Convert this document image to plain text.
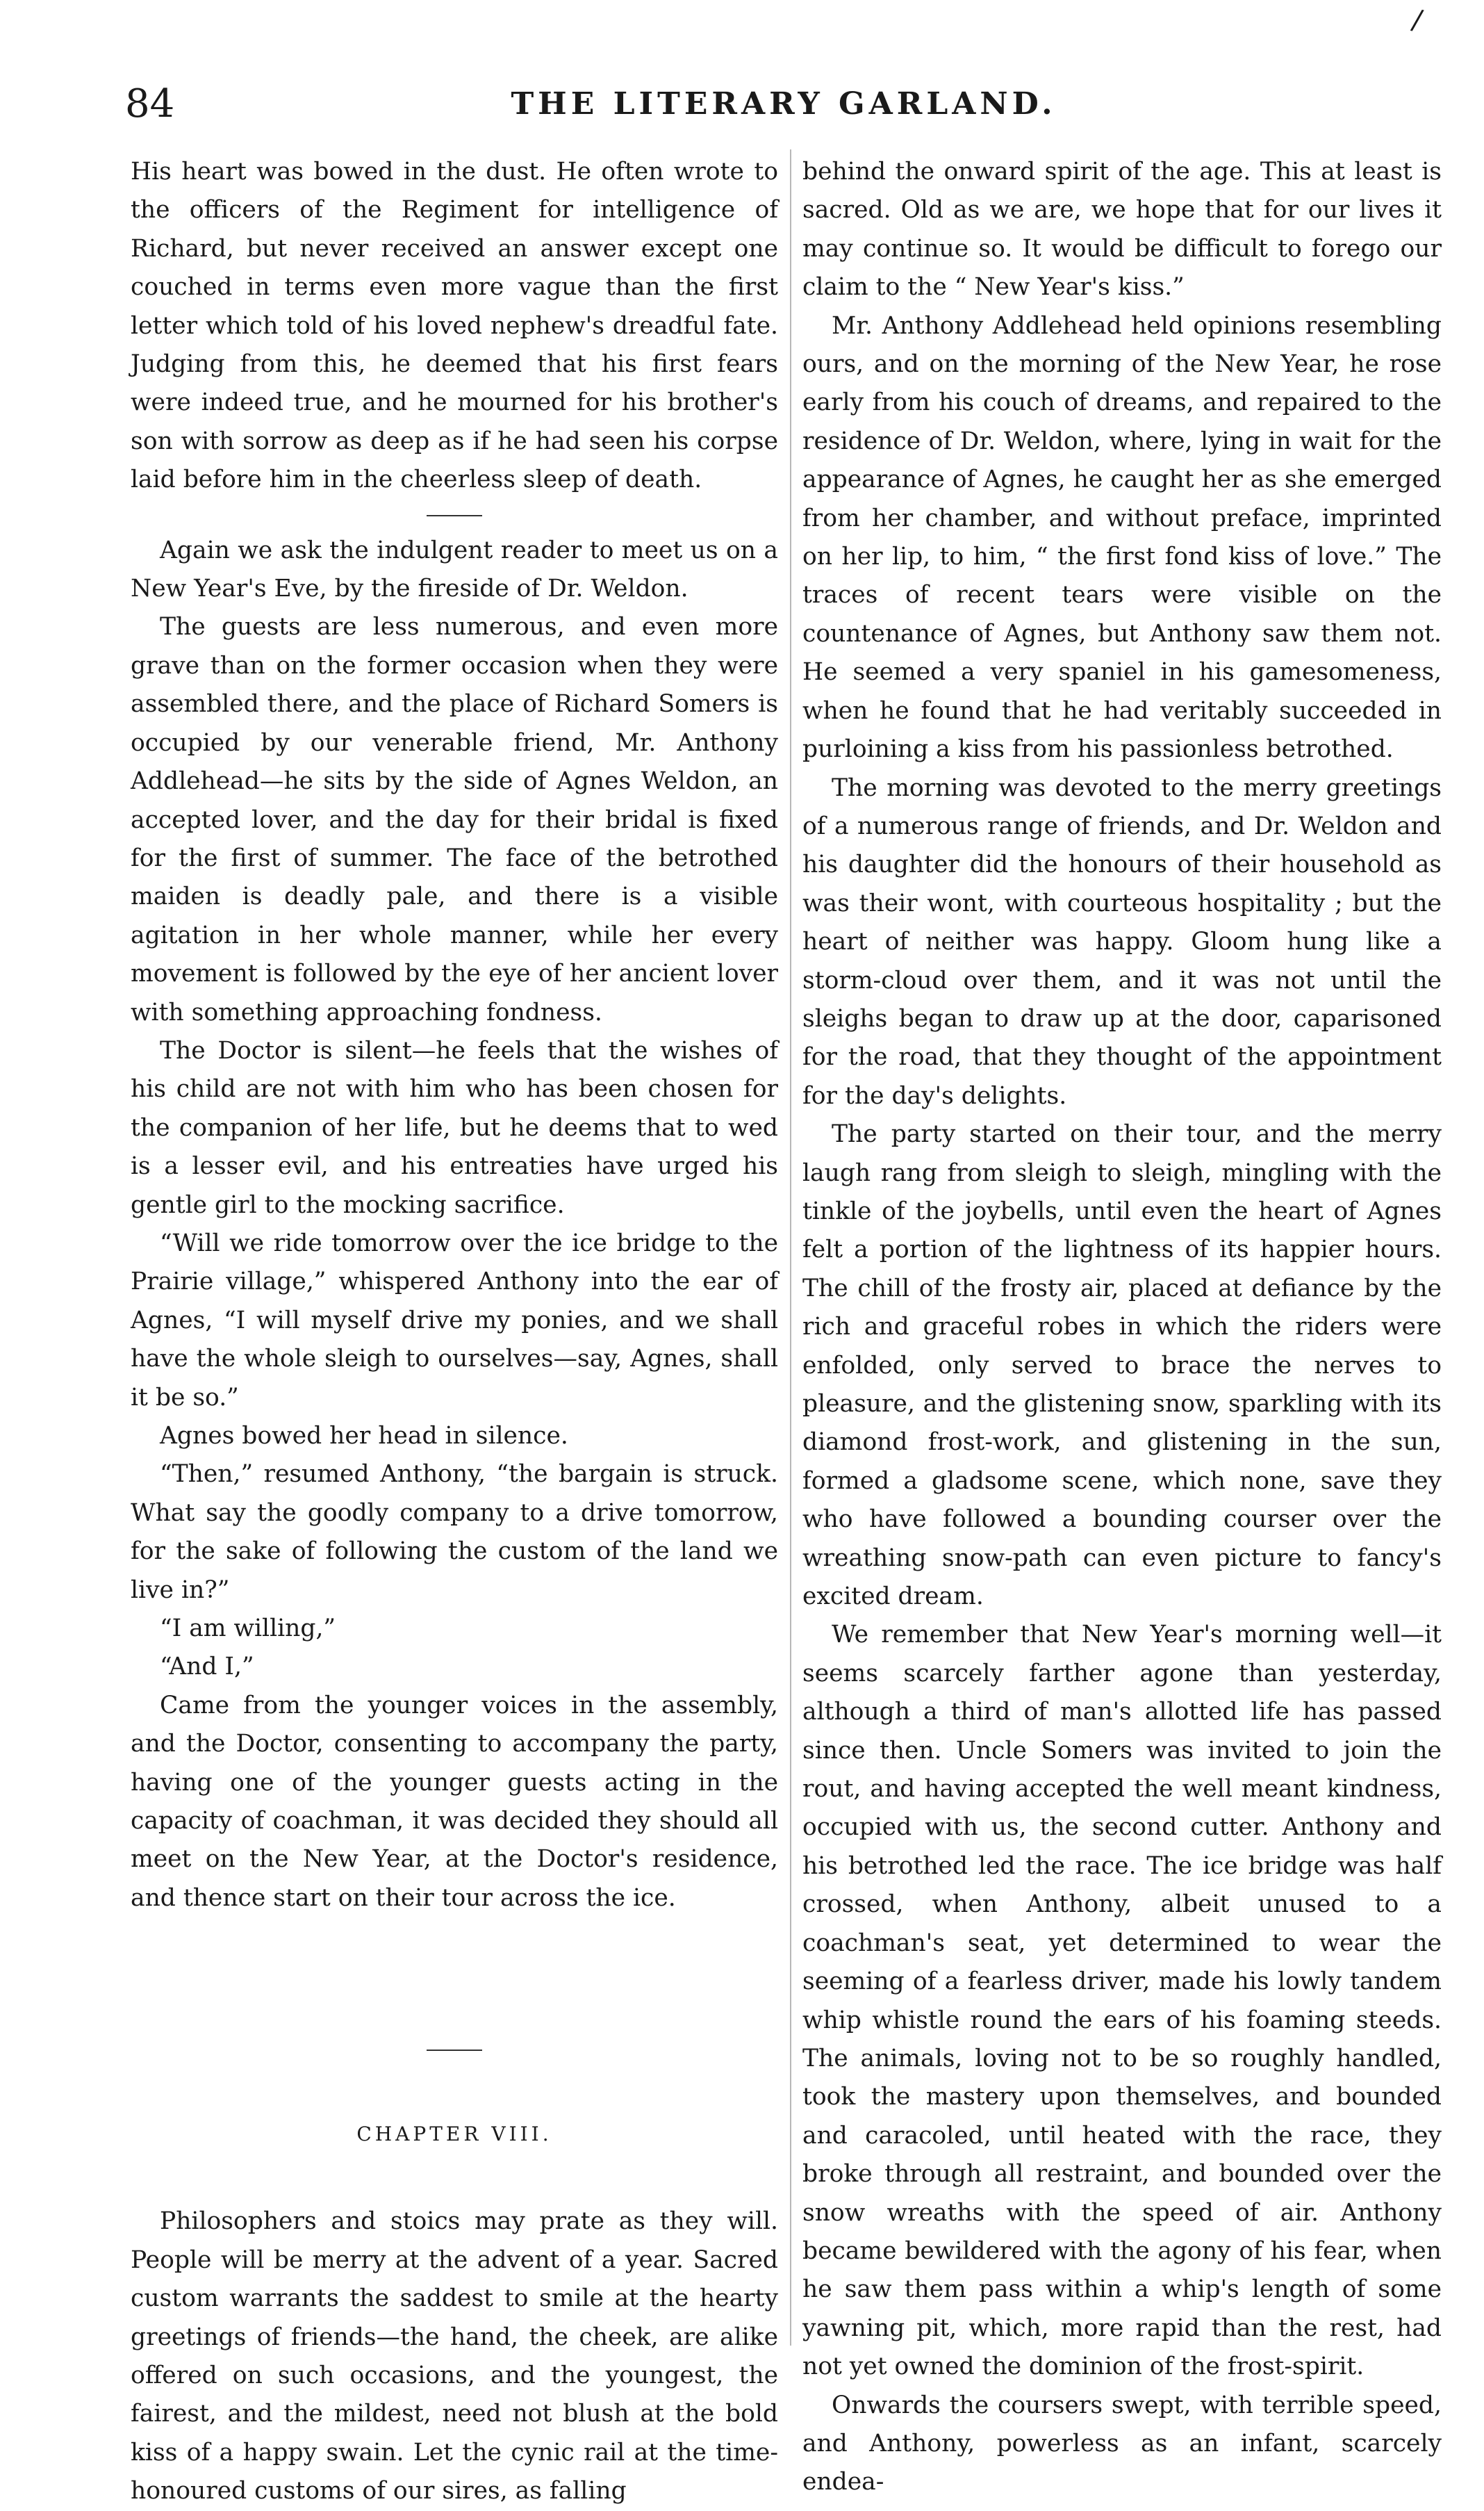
/
84	THE LITERARY GARLAND.

His heart was bowed in the dust. He often wrote to the officers of the Regiment for intelligence of Richard, but never received an answer except one couched in terms even more vague than the first letter which told of his loved nephew's dreadful fate. Judging from this, he deemed that his first fears were indeed true, and he mourned for his brother's son with sorrow as deep as if he had seen his corpse laid before him in the cheerless sleep of death.

Again we ask the indulgent reader to meet us on a New Year's Eve, by the fireside of Dr. Weldon.

The guests are less numerous, and even more grave than on the former occasion when they were assembled there, and the place of Richard Somers is occupied by our venerable friend, Mr. Anthony Addlehead—he sits by the side of Agnes Weldon, an accepted lover, and the day for their bridal is fixed for the first of summer. The face of the betrothed maiden is deadly pale, and there is a visible agitation in her whole manner, while her every movement is followed by the eye of her ancient lover with something approaching fondness.

The Doctor is silent—he feels that the wishes of his child are not with him who has been chosen for the companion of her life, but he deems that to wed is a lesser evil, and his entreaties have urged his gentle girl to the mocking sacrifice.

“Will we ride tomorrow over the ice bridge to the Prairie village,” whispered Anthony into the ear of Agnes, “I will myself drive my ponies, and we shall have the whole sleigh to ourselves—say, Agnes, shall it be so.”

Agnes bowed her head in silence.

“Then,” resumed Anthony, “the bargain is struck. What say the goodly company to a drive tomorrow, for the sake of following the custom of the land we live in?”

“I am willing,”

“And I,”

Came from the younger voices in the assembly, and the Doctor, consenting to accompany the party, having one of the younger guests acting in the capacity of coachman, it was decided they should all meet on the New Year, at the Doctor's residence, and thence start on their tour across the ice.

CHAPTER VIII.

Philosophers and stoics may prate as they will. People will be merry at the advent of a year. Sacred custom warrants the saddest to smile at the hearty greetings of friends—the hand, the cheek, are alike offered on such occasions, and the youngest, the fairest, and the mildest, need not blush at the bold kiss of a happy swain. Let the cynic rail at the time-honoured customs of our sires, as falling

behind the onward spirit of the age. This at least is sacred. Old as we are, we hope that for our lives it may continue so. It would be difficult to forego our claim to the “ New Year's kiss.”

Mr. Anthony Addlehead held opinions resembling ours, and on the morning of the New Year, he rose early from his couch of dreams, and repaired to the residence of Dr. Weldon, where, lying in wait for the appearance of Agnes, he caught her as she emerged from her chamber, and without preface, imprinted on her lip, to him, “ the first fond kiss of love.” The traces of recent tears were visible on the countenance of Agnes, but Anthony saw them not. He seemed a very spaniel in his gamesomeness, when he found that he had veritably succeeded in purloining a kiss from his passionless betrothed.

The morning was devoted to the merry greetings of a numerous range of friends, and Dr. Weldon and his daughter did the honours of their household as was their wont, with courteous hospitality ; but the heart of neither was happy. Gloom hung like a storm-cloud over them, and it was not until the sleighs began to draw up at the door, caparisoned for the road, that they thought of the appointment for the day's delights.

The party started on their tour, and the merry laugh rang from sleigh to sleigh, mingling with the tinkle of the joybells, until even the heart of Agnes felt a portion of the lightness of its happier hours. The chill of the frosty air, placed at defiance by the rich and graceful robes in which the riders were enfolded, only served to brace the nerves to pleasure, and the glistening snow, sparkling with its diamond frost-work, and glistening in the sun, formed a gladsome scene, which none, save they who have followed a bounding courser over the wreathing snow-path can even picture to fancy's excited dream.

We remember that New Year's morning well—it seems scarcely farther agone than yesterday, although a third of man's allotted life has passed since then. Uncle Somers was invited to join the rout, and having accepted the well meant kindness, occupied with us, the second cutter. Anthony and his betrothed led the race. The ice bridge was half crossed, when Anthony, albeit unused to a coachman's seat, yet determined to wear the seeming of a fearless driver, made his lowly tandem whip whistle round the ears of his foaming steeds. The animals, loving not to be so roughly handled, took the mastery upon themselves, and bounded and caracoled, until heated with the race, they broke through all restraint, and bounded over the snow wreaths with the speed of air. Anthony became bewildered with the agony of his fear, when he saw them pass within a whip's length of some yawning pit, which, more rapid than the rest, had not yet owned the dominion of the frost-spirit.

Onwards the coursers swept, with terrible speed, and Anthony, powerless as an infant, scarcely endea-
